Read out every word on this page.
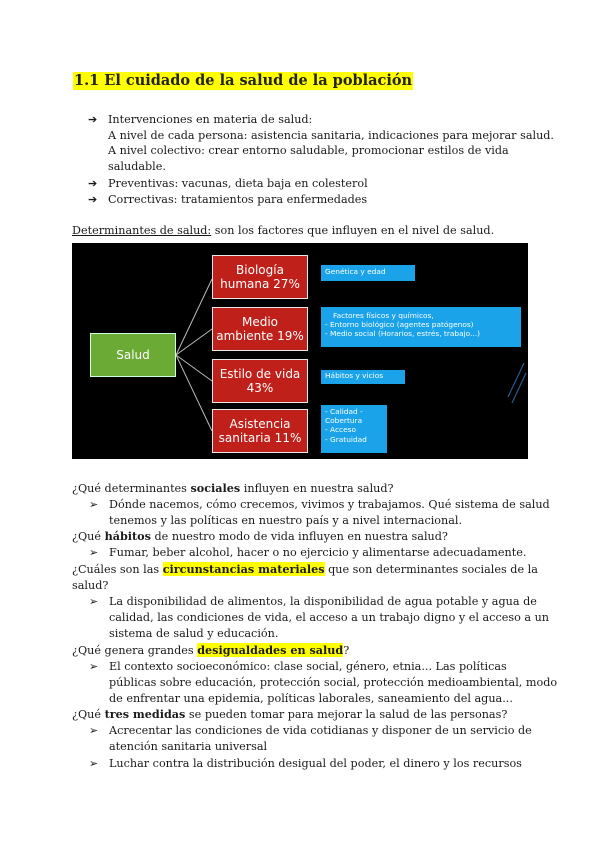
1.1 El cuidado de la salud de la población
➔ Intervenciones en materia de salud:
A nivel de cada persona: asistencia sanitaria, indicaciones para mejorar salud.
A nivel colectivo: crear entorno saludable, promocionar estilos de vida
saludable.
➔ Preventivas: vacunas, dieta baja en colesterol
➔ Correctivas: tratamientos para enfermedades
Determinantes de salud: son los factores que influyen en el nivel de salud.
Salud
Biología
humana 27%
Medio
ambiente 19%
Estilo de vida
43%
Asistencia
sanitaria 11%
Genética y edad
Factores físicos y químicos,
- Entorno biológico (agentes patógenos)
- Medio social (Horarios, estrés, trabajo...)
Hábitos y vicios
- Calidad -
Cobertura
- Acceso
- Gratuidad
¿Qué determinantes sociales influyen en nuestra salud?
➢ Dónde nacemos, cómo crecemos, vivimos y trabajamos. Qué sistema de salud
tenemos y las políticas en nuestro país y a nivel internacional.
¿Qué hábitos de nuestro modo de vida influyen en nuestra salud?
➢ Fumar, beber alcohol, hacer o no ejercicio y alimentarse adecuadamente.
¿Cuáles son las circunstancias materiales que son determinantes sociales de la
salud?
➢ La disponibilidad de alimentos, la disponibilidad de agua potable y agua de
calidad, las condiciones de vida, el acceso a un trabajo digno y el acceso a un
sistema de salud y educación.
¿Qué genera grandes desigualdades en salud?
➢ El contexto socioeconómico: clase social, género, etnia... Las políticas
públicas sobre educación, protección social, protección medioambiental, modo
de enfrentar una epidemia, políticas laborales, saneamiento del agua...
¿Qué tres medidas se pueden tomar para mejorar la salud de las personas?
➢ Acrecentar las condiciones de vida cotidianas y disponer de un servicio de
atención sanitaria universal
➢ Luchar contra la distribución desigual del poder, el dinero y los recursos
